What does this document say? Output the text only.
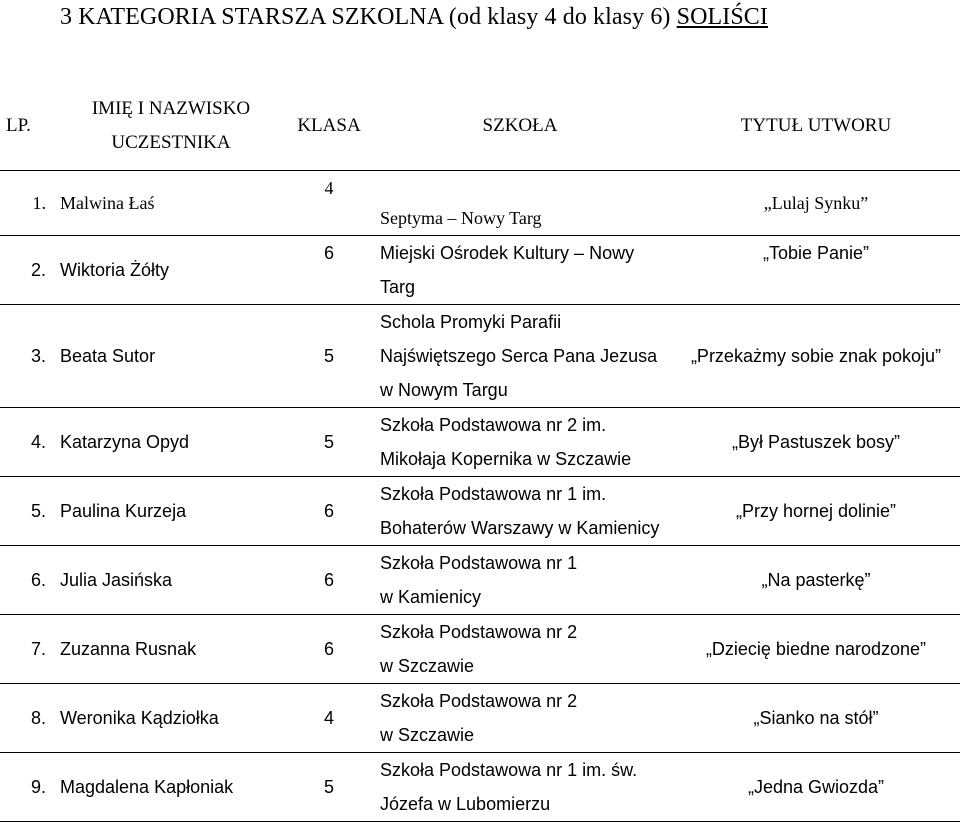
3 KATEGORIA STARSZA SZKOLNA (od klasy 4 do klasy 6) SOLIŚCI
LP.	IMIĘ I NAZWISKO
UCZESTNIKA	KLASA	SZKOŁA	TYTUŁ UTWORU
1.	Malwina Łaś	4	Septyma – Nowy Targ	„Lulaj Synku”
2.	Wiktoria Żółty	6	Miejski Ośrodek Kultury – Nowy
Targ	„Tobie Panie”
3.	Beata Sutor	5	Schola Promyki Parafii
Najświętszego Serca Pana Jezusa
w Nowym Targu	„Przekażmy sobie znak pokoju”
4.	Katarzyna Opyd	5	Szkoła Podstawowa nr 2 im.
Mikołaja Kopernika w Szczawie	„Był Pastuszek bosy”
5.	Paulina Kurzeja	6	Szkoła Podstawowa nr 1 im.
Bohaterów Warszawy w Kamienicy	„Przy hornej dolinie”
6.	Julia Jasińska	6	Szkoła Podstawowa nr 1
w Kamienicy	„Na pasterkę”
7.	Zuzanna Rusnak	6	Szkoła Podstawowa nr 2
w Szczawie	„Dziecię biedne narodzone”
8.	Weronika Kądziołka	4	Szkoła Podstawowa nr 2
w Szczawie	„Sianko na stół”
9.	Magdalena Kapłoniak	5	Szkoła Podstawowa nr 1 im. św.
Józefa w Lubomierzu	„Jedna Gwiozda”
